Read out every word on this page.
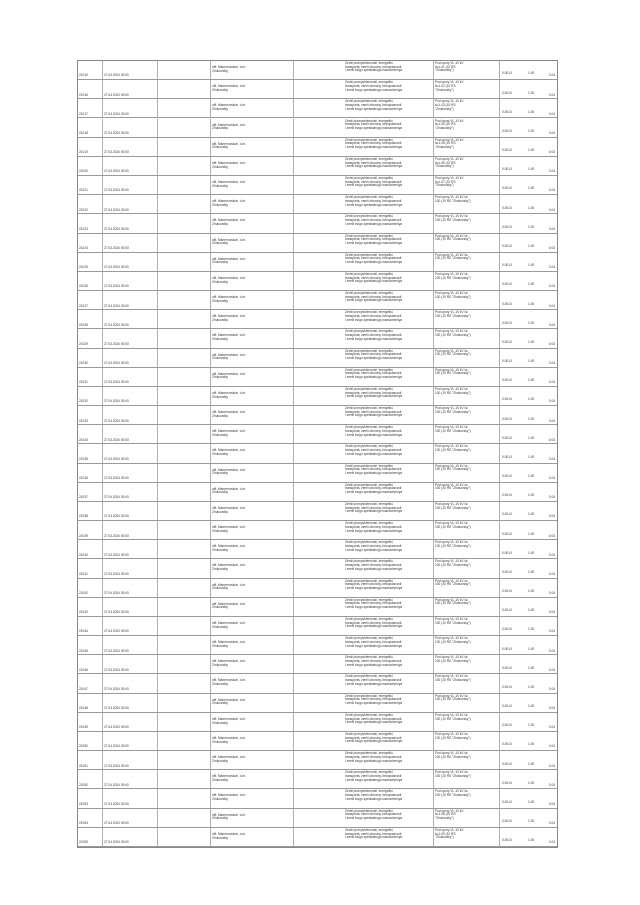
21015	27.04.2024 00:00
ofit. Mamerovskoe, d.m.
Zhukovskiy
Zemli promyshlennosti, energetiki,
transporta, zemli oborony, bezopasnosti
i zemli inogo spetsialnogo naznacheniya
Pod opory VL-10 kV
№1-01 (10 RS
"Zhukovsky")
0.0014	1.00	0.04
21016	27.04.2024 00:00
ofit. Mamerovskoe, d.m.
Zhukovskiy
Zemli promyshlennosti, energetiki,
transporta, zemli oborony, bezopasnosti
i zemli inogo spetsialnogo naznacheniya
Pod opory VL-10 kV
№1-02 (10 RS
"Zhukovsky")
0.0014	1.00	0.04
21017	27.04.2024 00:00
ofit. Mamerovskoe, d.m.
Zhukovskiy
Zemli promyshlennosti, energetiki,
transporta, zemli oborony, bezopasnosti
i zemli inogo spetsialnogo naznacheniya
Pod opory VL-10 kV
№1-03 (10 RS
"Zhukovsky")
0.0014	1.00	0.04
21018	27.04.2024 00:00
ofit. Mamerovskoe, d.m.
Zhukovskiy
Zemli promyshlennosti, energetiki,
transporta, zemli oborony, bezopasnosti
i zemli inogo spetsialnogo naznacheniya
Pod opory VL-10 kV
№1-04 (10 RS
"Zhukovsky")
0.0014	1.00	0.04
21019	27.04.2024 00:00
ofit. Mamerovskoe, d.m.
Zhukovskiy
Zemli promyshlennosti, energetiki,
transporta, zemli oborony, bezopasnosti
i zemli inogo spetsialnogo naznacheniya
Pod opory VL-10 kV
№1-05 (10 RS
"Zhukovsky")
0.0014	1.00	0.04
21020	27.04.2024 00:00
ofit. Mamerovskoe, d.m.
Zhukovskiy
Zemli promyshlennosti, energetiki,
transporta, zemli oborony, bezopasnosti
i zemli inogo spetsialnogo naznacheniya
Pod opory VL-10 kV
№1-06 (10 RS
"Zhukovsky")
0.0014	1.00	0.04
21021	27.04.2024 00:00
ofit. Mamerovskoe, d.m.
Zhukovskiy
Zemli promyshlennosti, energetiki,
transporta, zemli oborony, bezopasnosti
i zemli inogo spetsialnogo naznacheniya
Pod opory VL-10 kV
№1-07 (10 RS
"Zhukovsky")
0.0014	1.00	0.04
21022	27.04.2024 00:00
ofit. Mamerovskoe, d.m.
Zhukovskiy
Zemli promyshlennosti, energetiki,
transporta, zemli oborony, bezopasnosti
i zemli inogo spetsialnogo naznacheniya
Pod opory VL-10 kV №
100 (10 RS "Zhukovsky")
0.0014	1.00	0.04
21023	27.04.2024 00:00
ofit. Mamerovskoe, d.m.
Zhukovskiy
Zemli promyshlennosti, energetiki,
transporta, zemli oborony, bezopasnosti
i zemli inogo spetsialnogo naznacheniya
Pod opory VL-10 kV №
100 (10 RS "Zhukovsky")
0.0014	1.00	0.04
21024	27.04.2024 00:00
ofit. Mamerovskoe, d.m.
Zhukovskiy
Zemli promyshlennosti, energetiki,
transporta, zemli oborony, bezopasnosti
i zemli inogo spetsialnogo naznacheniya
Pod opory VL-10 kV №
100 (10 RS "Zhukovsky")
0.0014	1.00	0.04
21025	27.04.2024 00:00
ofit. Mamerovskoe, d.m.
Zhukovskiy
Zemli promyshlennosti, energetiki,
transporta, zemli oborony, bezopasnosti
i zemli inogo spetsialnogo naznacheniya
Pod opory VL-10 kV №
100 (10 RS "Zhukovsky")
0.0014	1.00	0.04
21026	27.04.2024 00:00
ofit. Mamerovskoe, d.m.
Zhukovskiy
Zemli promyshlennosti, energetiki,
transporta, zemli oborony, bezopasnosti
i zemli inogo spetsialnogo naznacheniya
Pod opory VL-10 kV №
100 (10 RS "Zhukovsky")
0.0014	1.00	0.04
21027	27.04.2024 00:00
ofit. Mamerovskoe, d.m.
Zhukovskiy
Zemli promyshlennosti, energetiki,
transporta, zemli oborony, bezopasnosti
i zemli inogo spetsialnogo naznacheniya
Pod opory VL-10 kV №
100 (10 RS "Zhukovsky")
0.0014	1.00	0.04
21028	27.04.2024 00:00
ofit. Mamerovskoe, d.m.
Zhukovskiy
Zemli promyshlennosti, energetiki,
transporta, zemli oborony, bezopasnosti
i zemli inogo spetsialnogo naznacheniya
Pod opory VL-10 kV №
100 (10 RS "Zhukovsky")
0.0014	1.00	0.04
21029	27.04.2024 00:00
ofit. Mamerovskoe, d.m.
Zhukovskiy
Zemli promyshlennosti, energetiki,
transporta, zemli oborony, bezopasnosti
i zemli inogo spetsialnogo naznacheniya
Pod opory VL-10 kV №
100 (10 RS "Zhukovsky")
0.0014	1.00	0.04
21030	27.04.2024 00:00
ofit. Mamerovskoe, d.m.
Zhukovskiy
Zemli promyshlennosti, energetiki,
transporta, zemli oborony, bezopasnosti
i zemli inogo spetsialnogo naznacheniya
Pod opory VL-10 kV №
100 (10 RS "Zhukovsky")
0.0014	1.00	0.04
21031	27.04.2024 00:00
ofit. Mamerovskoe, d.m.
Zhukovskiy
Zemli promyshlennosti, energetiki,
transporta, zemli oborony, bezopasnosti
i zemli inogo spetsialnogo naznacheniya
Pod opory VL-10 kV №
100 (10 RS "Zhukovsky")
0.0014	1.00	0.04
21032	27.04.2024 00:00
ofit. Mamerovskoe, d.m.
Zhukovskiy
Zemli promyshlennosti, energetiki,
transporta, zemli oborony, bezopasnosti
i zemli inogo spetsialnogo naznacheniya
Pod opory VL-10 kV №
100 (10 RS "Zhukovsky")
0.0014	1.00	0.04
21033	27.04.2024 00:00
ofit. Mamerovskoe, d.m.
Zhukovskiy
Zemli promyshlennosti, energetiki,
transporta, zemli oborony, bezopasnosti
i zemli inogo spetsialnogo naznacheniya
Pod opory VL-10 kV №
100 (10 RS "Zhukovsky")
0.0014	1.00	0.04
21034	27.04.2024 00:00
ofit. Mamerovskoe, d.m.
Zhukovskiy
Zemli promyshlennosti, energetiki,
transporta, zemli oborony, bezopasnosti
i zemli inogo spetsialnogo naznacheniya
Pod opory VL-10 kV №
100 (10 RS "Zhukovsky")
0.0014	1.00	0.04
21035	27.04.2024 00:00
ofit. Mamerovskoe, d.m.
Zhukovskiy
Zemli promyshlennosti, energetiki,
transporta, zemli oborony, bezopasnosti
i zemli inogo spetsialnogo naznacheniya
Pod opory VL-10 kV №
100 (10 RS "Zhukovsky")
0.0014	1.00	0.04
21036	27.04.2024 00:00
ofit. Mamerovskoe, d.m.
Zhukovskiy
Zemli promyshlennosti, energetiki,
transporta, zemli oborony, bezopasnosti
i zemli inogo spetsialnogo naznacheniya
Pod opory VL-10 kV №
100 (10 RS "Zhukovsky")
0.0014	1.00	0.04
21037	27.04.2024 00:00
ofit. Mamerovskoe, d.m.
Zhukovskiy
Zemli promyshlennosti, energetiki,
transporta, zemli oborony, bezopasnosti
i zemli inogo spetsialnogo naznacheniya
Pod opory VL-10 kV №
100 (10 RS "Zhukovsky")
0.0014	1.00	0.04
21038	27.04.2024 00:00
ofit. Mamerovskoe, d.m.
Zhukovskiy
Zemli promyshlennosti, energetiki,
transporta, zemli oborony, bezopasnosti
i zemli inogo spetsialnogo naznacheniya
Pod opory VL-10 kV №
100 (10 RS "Zhukovsky")
0.0014	1.00	0.04
21039	27.04.2024 00:00
ofit. Mamerovskoe, d.m.
Zhukovskiy
Zemli promyshlennosti, energetiki,
transporta, zemli oborony, bezopasnosti
i zemli inogo spetsialnogo naznacheniya
Pod opory VL-10 kV №
100 (10 RS "Zhukovsky")
0.0014	1.00	0.04
21040	27.04.2024 00:00
ofit. Mamerovskoe, d.m.
Zhukovskiy
Zemli promyshlennosti, energetiki,
transporta, zemli oborony, bezopasnosti
i zemli inogo spetsialnogo naznacheniya
Pod opory VL-10 kV №
100 (10 RS "Zhukovsky")
0.0014	1.00	0.04
21041	27.04.2024 00:00
ofit. Mamerovskoe, d.m.
Zhukovskiy
Zemli promyshlennosti, energetiki,
transporta, zemli oborony, bezopasnosti
i zemli inogo spetsialnogo naznacheniya
Pod opory VL-10 kV №
100 (10 RS "Zhukovsky")
0.0014	1.00	0.04
21042	27.04.2024 00:00
ofit. Mamerovskoe, d.m.
Zhukovskiy
Zemli promyshlennosti, energetiki,
transporta, zemli oborony, bezopasnosti
i zemli inogo spetsialnogo naznacheniya
Pod opory VL-10 kV №
100 (10 RS "Zhukovsky")
0.0014	1.00	0.04
21043	27.04.2024 00:00
ofit. Mamerovskoe, d.m.
Zhukovskiy
Zemli promyshlennosti, energetiki,
transporta, zemli oborony, bezopasnosti
i zemli inogo spetsialnogo naznacheniya
Pod opory VL-10 kV №
100 (10 RS "Zhukovsky")
0.0014	1.00	0.04
21044	27.04.2024 00:00
ofit. Mamerovskoe, d.m.
Zhukovskiy
Zemli promyshlennosti, energetiki,
transporta, zemli oborony, bezopasnosti
i zemli inogo spetsialnogo naznacheniya
Pod opory VL-10 kV №
100 (10 RS "Zhukovsky")
0.0014	1.00	0.04
21045	27.04.2024 00:00
ofit. Mamerovskoe, d.m.
Zhukovskiy
Zemli promyshlennosti, energetiki,
transporta, zemli oborony, bezopasnosti
i zemli inogo spetsialnogo naznacheniya
Pod opory VL-10 kV №
100 (10 RS "Zhukovsky")
0.0014	1.00	0.04
21046	27.04.2024 00:00
ofit. Mamerovskoe, d.m.
Zhukovskiy
Zemli promyshlennosti, energetiki,
transporta, zemli oborony, bezopasnosti
i zemli inogo spetsialnogo naznacheniya
Pod opory VL-10 kV №
100 (10 RS "Zhukovsky")
0.0014	1.00	0.04
21047	27.04.2024 00:00
ofit. Mamerovskoe, d.m.
Zhukovskiy
Zemli promyshlennosti, energetiki,
transporta, zemli oborony, bezopasnosti
i zemli inogo spetsialnogo naznacheniya
Pod opory VL-10 kV №
100 (10 RS "Zhukovsky")
0.0014	1.00	0.04
21048	27.04.2024 00:00
ofit. Mamerovskoe, d.m.
Zhukovskiy
Zemli promyshlennosti, energetiki,
transporta, zemli oborony, bezopasnosti
i zemli inogo spetsialnogo naznacheniya
Pod opory VL-10 kV №
100 (10 RS "Zhukovsky")
0.0014	1.00	0.04
21049	27.04.2024 00:00
ofit. Mamerovskoe, d.m.
Zhukovskiy
Zemli promyshlennosti, energetiki,
transporta, zemli oborony, bezopasnosti
i zemli inogo spetsialnogo naznacheniya
Pod opory VL-10 kV №
100 (10 RS "Zhukovsky")
0.0014	1.00	0.04
21050	27.04.2024 00:00
ofit. Mamerovskoe, d.m.
Zhukovskiy
Zemli promyshlennosti, energetiki,
transporta, zemli oborony, bezopasnosti
i zemli inogo spetsialnogo naznacheniya
Pod opory VL-10 kV №
100 (10 RS "Zhukovsky")
0.0014	1.00	0.04
21051	27.04.2024 00:00
ofit. Mamerovskoe, d.m.
Zhukovskiy
Zemli promyshlennosti, energetiki,
transporta, zemli oborony, bezopasnosti
i zemli inogo spetsialnogo naznacheniya
Pod opory VL-10 kV №
100 (10 RS "Zhukovsky")
0.0014	1.00	0.04
21052	27.04.2024 00:00
ofit. Mamerovskoe, d.m.
Zhukovskiy
Zemli promyshlennosti, energetiki,
transporta, zemli oborony, bezopasnosti
i zemli inogo spetsialnogo naznacheniya
Pod opory VL-10 kV №
100 (10 RS "Zhukovsky")
0.0014	1.00	0.04
21053	27.04.2024 00:00
ofit. Mamerovskoe, d.m.
Zhukovskiy
Zemli promyshlennosti, energetiki,
transporta, zemli oborony, bezopasnosti
i zemli inogo spetsialnogo naznacheniya
Pod opory VL-10 kV №
100 (10 RS "Zhukovsky")
0.0014	1.00	0.04
21054	27.04.2024 00:00
ofit. Mamerovskoe, d.m.
Zhukovskiy
Zemli promyshlennosti, energetiki,
transporta, zemli oborony, bezopasnosti
i zemli inogo spetsialnogo naznacheniya
Pod opory VL-10 kV
№1-08 (10 RS
"Zhukovsky")
0.0014	1.00	0.04
21055	27.04.2024 00:00
ofit. Mamerovskoe, d.m.
Zhukovskiy
Zemli promyshlennosti, energetiki,
transporta, zemli oborony, bezopasnosti
i zemli inogo spetsialnogo naznacheniya
Pod opory VL-10 kV
№1-09 (10 RS
"Zhukovsky")
0.0014	1.00	0.04
